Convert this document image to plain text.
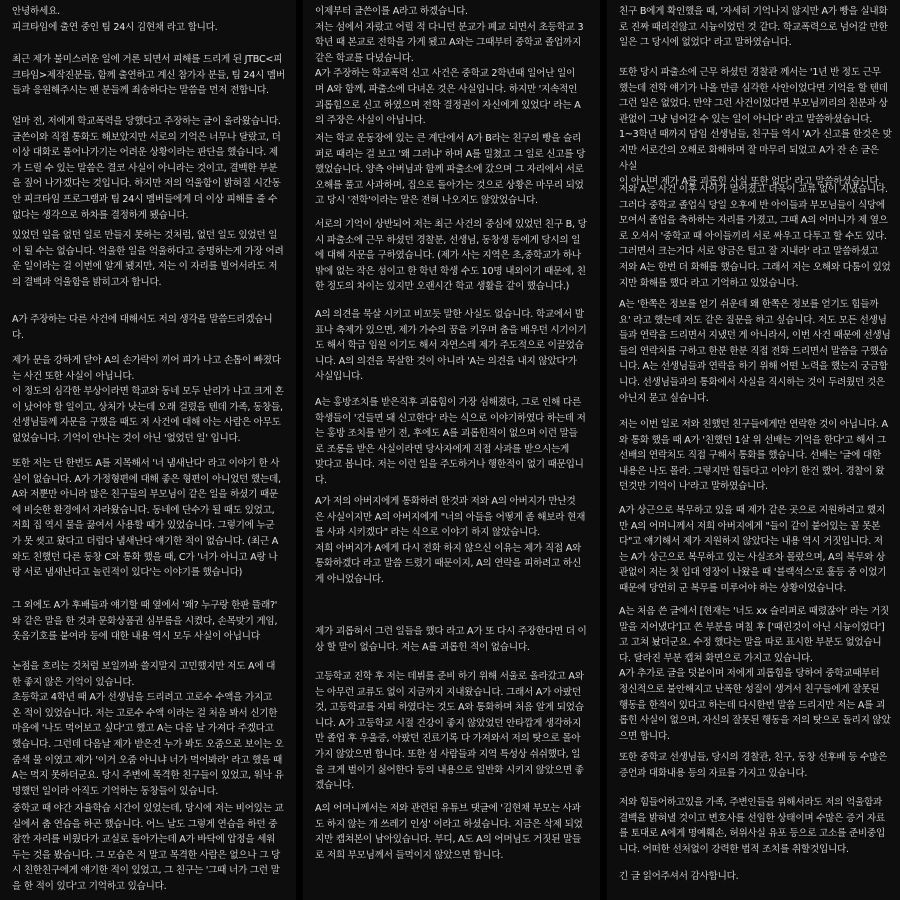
안녕하세요.
피크타임에 출연 중인 팀 24시 김현채 라고 합니다.

최근 제가 불미스러운 일에 거론 되면서 피해를 드리게 된 JTBC<피
크타임>제작진분들, 함께 출연하고 계신 참가자 분들, 팀 24시 멤버
들과 응원해주시는 팬 분들께 죄송하다는 말씀을 먼저 전합니다.

얼마 전, 저에게 학교폭력을 당했다고 주장하는 글이 올라왔습니다.
글쓴이와 직접 통화도 해보았지만 서로의 기억은 너무나 달랐고, 더
이상 대화로 풀어나가기는 어려운 상황이라는 판단을 했습니다. 제
가 드릴 수 있는 말씀은 결코 사실이 아니라는 것이고, 결백한 부분
을 짚어 나가겠다는 것입니다. 하지만 저의 억울함이 밝혀질 시간동
안 피크타임 프로그램과 팀 24시 멤버들에게 더 이상 피해를 줄 수
없다는 생각으로 하차를 결정하게 됐습니다.

있었던 일을 없던 일로 만들지 못하는 것처럼, 없던 일도 있었던 일
이 될 수는 없습니다. 억울한 일을 억울하다고 증명하는게 가장 어려
운 일이라는 걸 이번에 알게 됐지만, 저는 이 자리를 빌어서라도 저
의 결백과 억울함을 밝히고자 합니다.

A가 주장하는 다른 사건에 대해서도 저의 생각을 말씀드리겠습니
다.

제가 문을 강하게 닫아 A의 손가락이 끼어 피가 나고 손톱이 빠졌다
는 사건 또한 사실이 아닙니다.
이 정도의 심각한 부상이라면 학교와 동네 모두 난리가 나고 크게 혼
이 났어야 할 일이고, 상처가 낫는데 오래 걸렸을 텐데 가족, 동창들,
선생님들께 자문을 구했을 때도 저 사건에 대해 아는 사람은 아무도
없었습니다. 기억이 안나는 것이 아닌 '없었던 일' 입니다.

또한 저는 단 한번도 A를 지목해서 '너 냄새난다' 라고 이야기 한 사
실이 없습니다. A가 가정형편에 대해 좋은 형편이 아니었던 했는데,
A와 저뿐만 아니라 많은 친구들의 부모님이 같은 일을 하셨기 때문
에 비슷한 환경에서 자라왔습니다. 동네에 단수가 될 때도 있었고,
저희 집 역시 물을 끓여서 사용할 때가 있었습니다. 그렇기에 누군
가 못 씻고 왔다고 더럽다 냄새난다 얘기한 적이 없습니다. (최근 A
와도 친했던 다른 동창 C와 통화 했을 때, C가 '너가 아니고 A랑 나
랑 서로 냄새난다고 놀린적이 있다'는 이야기를 했습니다)

그 외에도 A가 후배들과 얘기할 때 옆에서 '왜? 누구랑 한판 뜰래?'
와 같은 말을 한 것과 문화상품권 심부름을 시켰다, 손목맞기 게임,
웃음기호를 붙여라 등에 대한 내용 역시 모두 사실이 아닙니다

논점을 흐리는 것처럼 보일까봐 쓸지말지 고민했지만 저도 A에 대
한 좋지 않은 기억이 있습니다.
초등학교 4학년 때 A가 선생님을 드리려고 고로수 수액을 가지고
온 적이 있었습니다. 저는 고로수 수액 이라는 걸 처음 봐서 신기한
마음에 '나도 먹어보고 싶다'고 했고 A는 다음 날 가져다 주겠다고
했습니다. 그런데 다음날 제가 받은건 누가 봐도 오줌으로 보이는 오
줌색 물 이였고 제가 '이거 오줌 아니냐 너가 먹어봐라' 라고 했을 때
A는 먹지 못하더군요. 당시 주변에 목격한 친구들이 있었고, 워낙 유
명했던 일이라 아직도 기억하는 동창들이 있습니다.

중학교 때 야간 자율학습 시간이 있었는데, 당시에 저는 비어있는 교
실에서 춤 연습을 하곤 했습니다. 어느 날도 그렇게 연습을 하던 중
잠깐 자리를 비웠다가 교실로 돌아가는데 A가 바닥에 압정을 세워
두는 것을 봤습니다. 그 모습은 저 말고 목격한 사람은 없으나 그 당
시 친한친구에게 얘기한 적이 있었고, 그 친구는 '그때 너가 그런 말
을 한 적이 있다'고 기억하고 있습니다.

이제부터 글쓴이를 A라고 하겠습니다.
저는 섬에서 자랐고 어릴 적 다니던 분교가 폐교 되면서 초등학교 3
학년 때 본교로 전학을 가게 됐고 A와는 그때부터 중학교 졸업까지
같은 학교를 다녔습니다.
A가 주장하는 학교폭력 신고 사건은 중학교 2학년때 일어난 일이
며 A와 함께, 파출소에 다녀온 것은 사실입니다. 하지만 '지속적인
괴롭힘으로 신고 하였으며 전학 결정권이 자신에게 있었다' 라는 A
의 주장은 사실이 아닙니다.

저는 학교 운동장에 있는 큰 계단에서 A가 B라는 친구의 빵을 슬리
퍼로 때리는 걸 보고 '왜 그러냐' 하며 A를 밀쳤고 그 일로 신고를 당
했었습니다. 양측 아버님과 함께 파출소에 갔으며 그 자리에서 서로
오해를 풀고 사과하며, 집으로 돌아가는 것으로 상황은 마무리 되었
고 당시 '전학'이라는 말은 전혀 나오지도 않았었습니다.

서로의 기억이 상반되어 저는 최근 사건의 중심에 있었던 친구 B, 당
시 파출소에 근무 하셨던 경찰분, 선생님, 동창생 등에게 당시의 일
에 대해 자문을 구하였습니다. (제가 사는 지역은 초,중학교가 하나
밖에 없는 작은 섬이고 한 학년 학생 수도 10명 내외이기 때문에, 친
한 정도의 차이는 있지만 오랜시간 학교 생활을 같이 했습니다.)

A의 의견을 묵살 시키고 비꼬듯 말한 사실도 없습니다. 학교에서 발
표나 축제가 있으면, 제가 가수의 꿈을 키우며 춤을 배우던 시기이기
도 해서 학급 임원 이기도 해서 자연스레 제가 주도적으로 이끌었습
니다. A의 의견을 묵살한 것이 아니라 'A는 의견을 내지 않았다'가
사실입니다.

A는 홍방조치를 받은직후 괴롭힘이 가장 심해졌다, 그로 인해 다른
학생들이 '건들면 돼 신고한다' 라는 식으로 이야기하였다 하는데 저
는 홍방 조치를 받기 전, 후에도 A를 괴롭힌적이 없으며 이런 말들
로 조롱을 받은 사실이라면 당사자에게 직접 사과를 받으시는게
맞다고 봅니다. 저는 이런 일을 주도하거나 행한적이 없기 때문입니
다.

A가 저의 아버지에게 통화하려 한것과 저와 A의 아버지가 만난것
은 사실이지만 A의 아버지에게 "너의 아들을 어떻게 좀 해보라 현재
를 사과 시키겠다" 라는 식으로 이야기 하지 않았습니다.
저희 아버지가 A에게 다시 전화 하지 않으신 이유는 제가 직접 A와
통화하겠다 라고 말씀 드렸기 때문이지, A의 연락을 피하려고 하신
게 아니었습니다.

제가 괴롭혀서 그런 일들을 했다 라고 A가 또 다시 주장한다면 더 이
상 할 말이 없습니다. 저는 A를 괴롭힌 적이 없습니다.

고등학교 진학 후 저는 데뷔를 준비 하기 위해 서울로 올라갔고 A와
는 아무런 교류도 없이 지금까지 지내왔습니다. 그래서 A가 아팠던
것, 고등학교를 자퇴 하였다는 것도 A와 통화하며 처음 알게 되었습
니다. A가 고등학교 시절 건강이 좋지 않았었던 안타깝게 생각하지
만 졸업 후 우울증, 아팠던 진료기록 다 가져와서 저의 탓으로 몰아
가지 않았으면 합니다. 또한 섬 사람들과 지역 특성상 쉬쉬했다, 일
을 크게 벌이기 싫어한다 등의 내용으로 일반화 시키지 않았으면 좋
겠습니다.

A의 어머니께서는 저와 관련된 유튜브 댓글에 '김현채 부모는 사과
도 하지 않는 개 쓰레기 인성' 이라고 하셨습니다. 지금은 삭제 되었
지만 캡쳐본이 남아있습니다. 부디, A도 A의 어머님도 거짓된 말들
로 저희 부모님께서 들먹이지 않았으면 합니다.

친구 B에게 확인했을 때, '자세히 기억나지 않지만 A가 빵을 실내화
로 진짜 때리진않고 시늉이었던 것 같다. 학교폭력으로 넘어갈 만한
일은 그 당시에 없었다' 라고 말하였습니다.

또한 당시 파출소에 근무 하셨던 경찰관 께서는 '1년 반 정도 근무
했는데 전학 얘기가 나올 만큼 심각한 사안이었다면 기억을 할 텐데
그런 일은 없었다. 만약 그런 사건이었다면 부모님끼리의 친분과 상
관없이 그냥 넘어갈 수 있는 일이 아니다' 라고 말씀하셨습니다.
1~3학년 때까지 담임 선생님들, 친구들 역시 'A가 신고를 한것은 맞
지만 서로간의 오해로 화해하며 잘 마무리 되었고 A가 잔 손 글은 사실
이 아니며 제가 A를 괴롭힌 사실 또한 없다' 라고 말씀하셨습니다.

저와 A는 사건 이후 사이가 멀어졌고 더욱이 교류 없이 지냈습니다.
그러다 중학교 졸업식 당일 오후에 반 아이들과 부모님들이 식당에
모여서 졸업을 축하하는 자리를 가졌고, 그때 A의 어머니가 제 옆으
로 오셔서 '중학교 때 아이들끼리 서로 싸우고 다투고 할 수도 있다.
그러면서 크는거다 서로 앙금은 털고 잘 지내라' 라고 말씀하셨고
저와 A는 한번 더 화해를 했습니다. 그래서 저는 오해와 다툼이 있었
지만 화해를 했다 라고 기억하고 있었습니다.

A는 '한쪽은 정보를 얻기 쉬운데 왜 한쪽은 정보를 얻기도 힘들까
요' 라고 했는데 저도 같은 질문을 하고 싶습니다. 저도 모든 선생님
들과 연락을 드리면서 지냈던 게 아니라서, 이번 사건 때문에 선생님
들의 연락처를 구하고 한분 한분 직접 전화 드리면서 말씀을 구했습
니다. A는 선생님들과 연락을 하기 위해 어떤 노력을 했는지 궁금합
니다. 선생님들과의 통화에서 사실을 직시하는 것이 두려웠던 것은
아닌지 묻고 싶습니다.

저는 이번 일로 저와 친했던 친구들에게만 연락한 것이 아닙니다. A
와 통화 했을 때 A가 '친했던 1살 위 선배는 기억을 한다'고 해서 그
선배의 연락처도 직접 구해서 통화를 했습니다. 선배는 '글에 대한
내용은 나도 몰라. 그렇지만 힘들다고 이야기 한건 했어. 경찰이 왔
던것만 기억이 나'라고 말하였습니다.

A가 상근으로 복무하고 있을 때 제가 같은 곳으로 지원하려고 했지
만 A의 어머니께서 저희 아버지에게 "들이 같이 붙어있는 꼴 못본
다"고 얘기해서 제가 지원하지 않았다는 내용 역시 거짓입니다. 저
는 A가 상근으로 복무하고 있는 사실조차 몰랐으며, A의 복무와 상
관없이 저는 첫 입대 영장이 나왔을 때 '블랙석스'로 훌등 중 이었기
때문에 당연히 군 복무를 미루어야 하는 상황이었습니다.

A는 처음 쓴 글에서 [현재는 '너도 xx 슬리퍼로 때렸잖아' 라는 거짓
말을 지어냈다']고 쓴 부분을 며칠 후 ['때린것이 아닌 시늉이었다']
고 고쳐 놨더군요. 수정 했다는 말을 따로 표시한 부분도 없었습니
다. 달라진 부분 캡쳐 화면으로 가지고 있습니다.
A가 추가로 글을 덧붙이며 저에게 괴롭힘을 당하여 중학교때부터
정신적으로 불안해지고 난폭한 성질이 생겨서 친구들에게 잘못된
행동을 한적이 있다고 하는데 다시한번 말씀 드리지만 저는 A를 괴
롭힌 사실이 없으며, 자신의 잘못된 행동을 저의 탓으로 돌리지 않았
으면 합니다.

또한 중학교 선생님들, 당시의 경찰관, 친구, 동창 선후배 등 수많은
증언과 대화내용 등의 자료를 가지고 있습니다.

저와 힘들어하고있을 가족, 주변인들을 위해서라도 저의 억울함과
결백을 밝혀낼 것이고 변호사를 선임한 상태이며 수많은 증거 자료
를 토대로 A에게 명예훼손, 허위사실 유포 등으로 고소를 준비중입
니다. 어떠한 선처없이 강력한 법적 조치를 취할것입니다.

긴 글 읽어주셔서 감사합니다.
